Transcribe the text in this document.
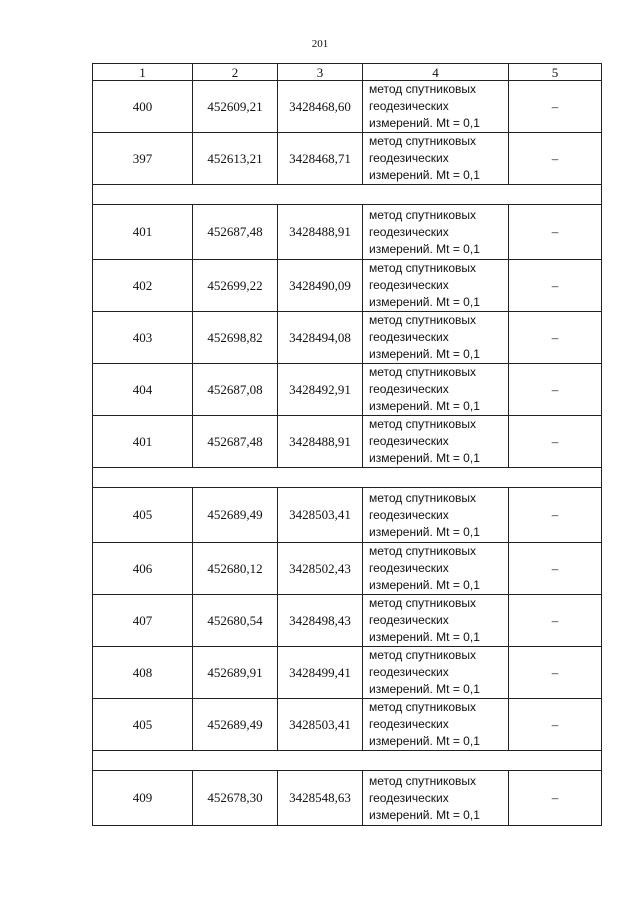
201
1	2	3	4	5
400	452609,21	3428468,60	метод спутниковых
геодезических
измерений. Mt = 0,1	–
397	452613,21	3428468,71	метод спутниковых
геодезических
измерений. Mt = 0,1	–

401	452687,48	3428488,91	метод спутниковых
геодезических
измерений. Mt = 0,1	–
402	452699,22	3428490,09	метод спутниковых
геодезических
измерений. Mt = 0,1	–
403	452698,82	3428494,08	метод спутниковых
геодезических
измерений. Mt = 0,1	–
404	452687,08	3428492,91	метод спутниковых
геодезических
измерений. Mt = 0,1	–
401	452687,48	3428488,91	метод спутниковых
геодезических
измерений. Mt = 0,1	–

405	452689,49	3428503,41	метод спутниковых
геодезических
измерений. Mt = 0,1	–
406	452680,12	3428502,43	метод спутниковых
геодезических
измерений. Mt = 0,1	–
407	452680,54	3428498,43	метод спутниковых
геодезических
измерений. Mt = 0,1	–
408	452689,91	3428499,41	метод спутниковых
геодезических
измерений. Mt = 0,1	–
405	452689,49	3428503,41	метод спутниковых
геодезических
измерений. Mt = 0,1	–

409	452678,30	3428548,63	метод спутниковых
геодезических
измерений. Mt = 0,1	–
